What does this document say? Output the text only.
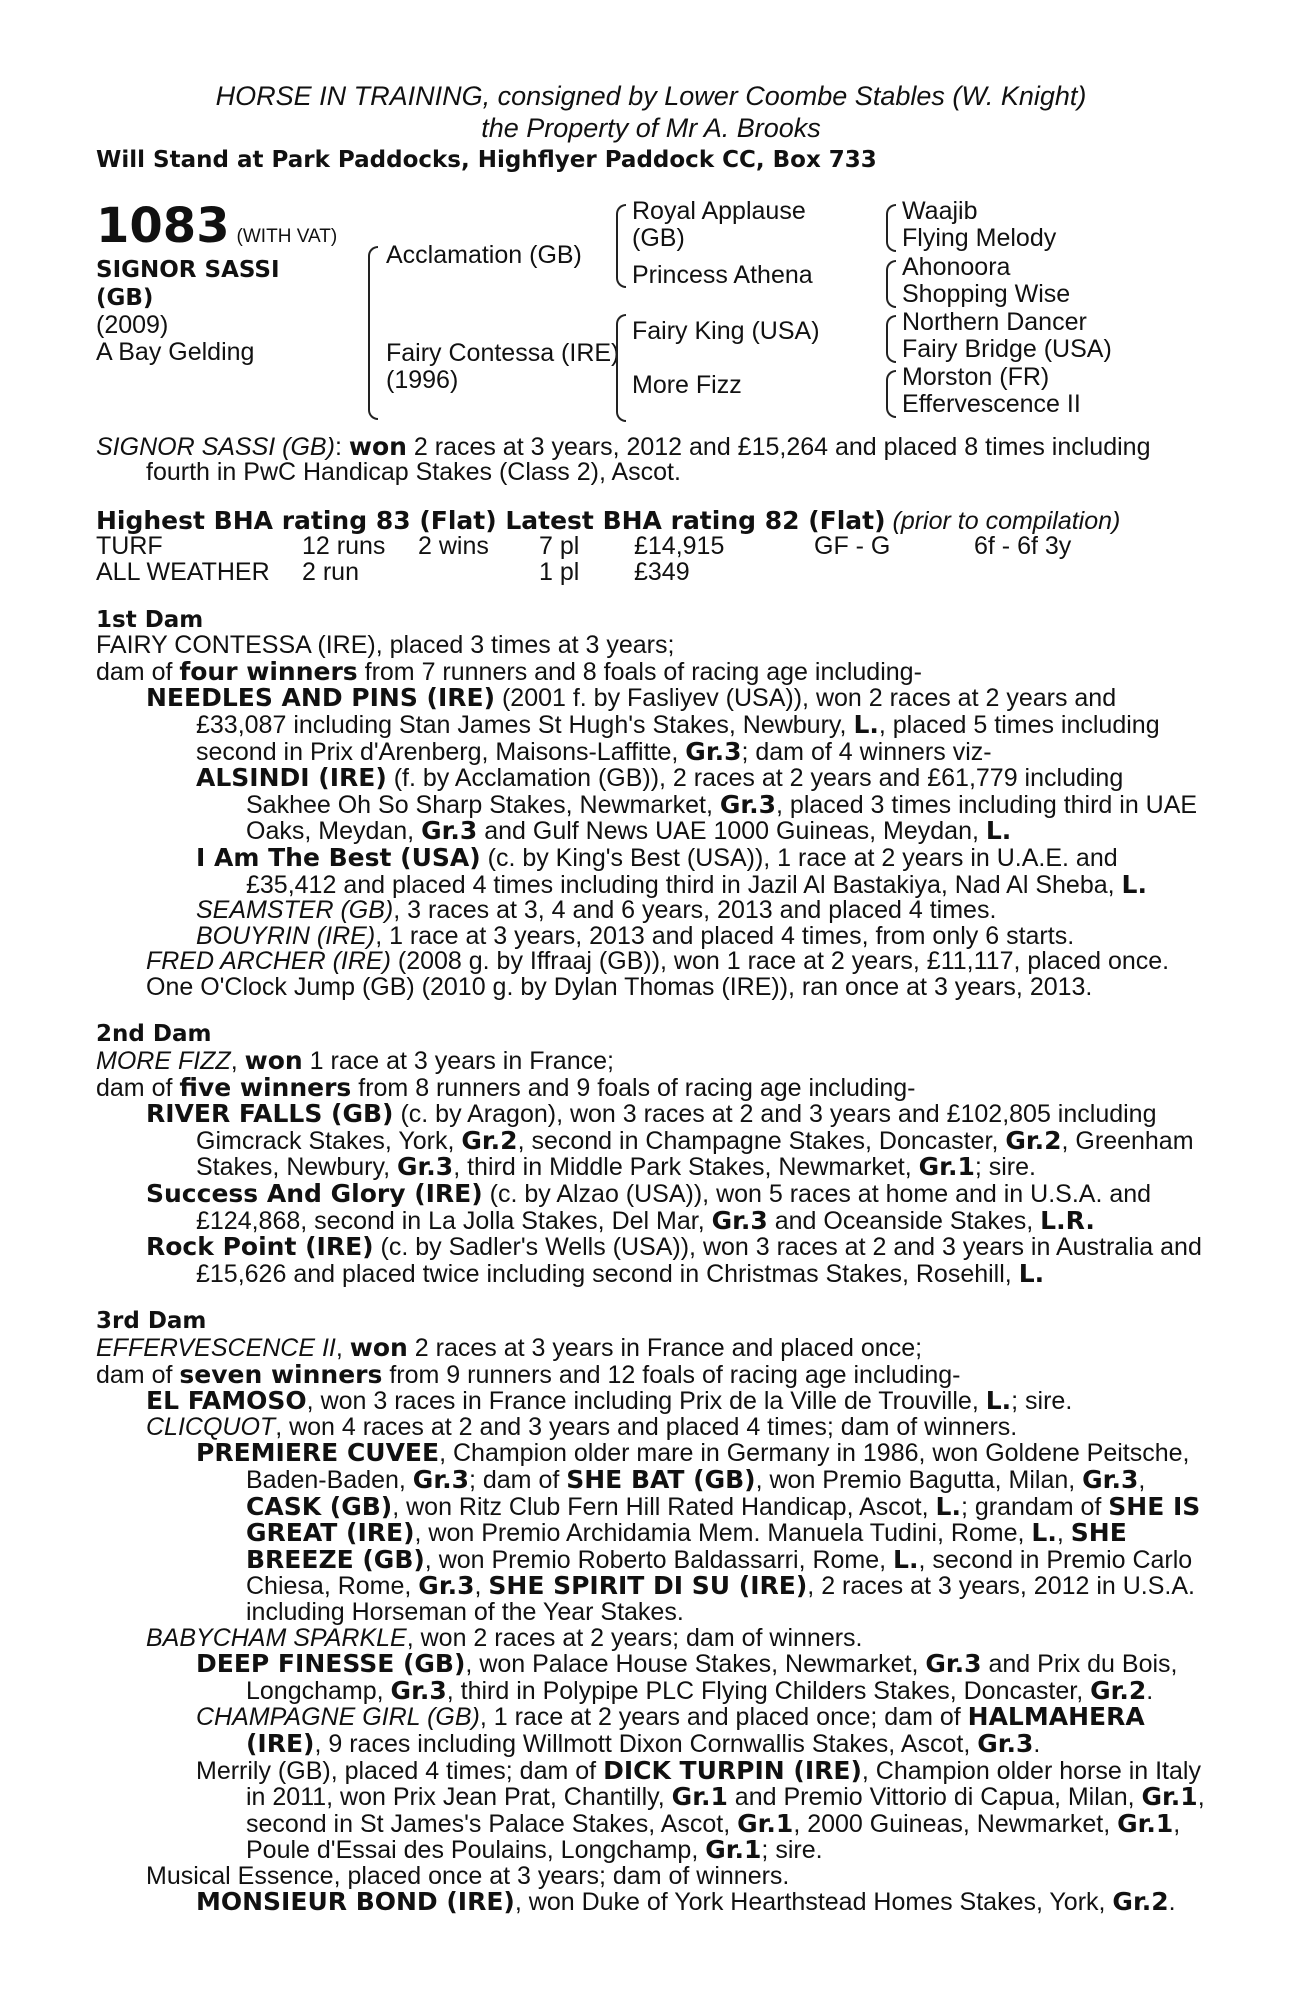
HORSE IN TRAINING, consigned by Lower Coombe Stables (W. Knight)
the Property of Mr A. Brooks
Will Stand at Park Paddocks, Highflyer Paddock CC, Box 733
1083 (WITH VAT)
SIGNOR SASSI
(GB)
(2009)
A Bay Gelding
Acclamation (GB)
Fairy Contessa (IRE)
(1996)
Royal Applause
(GB)
Princess Athena
Fairy King (USA)
More Fizz
Waajib
Flying Melody
Ahonoora
Shopping Wise
Northern Dancer
Fairy Bridge (USA)
Morston (FR)
Effervescence II

SIGNOR SASSI (GB): won 2 races at 3 years, 2012 and £15,264 and placed 8 times including fourth in PwC Handicap Stakes (Class 2), Ascot.

Highest BHA rating 83 (Flat) Latest BHA rating 82 (Flat) (prior to compilation)

TURF	12 runs 2 wins 7 pl £14,915	GF - G	6f - 6f 3y
ALL WEATHER 2 run	1 pl £349

1st Dam

FAIRY CONTESSA (IRE), placed 3 times at 3 years;

dam of four winners from 7 runners and 8 foals of racing age including-

NEEDLES AND PINS (IRE) (2001 f. by Fasliyev (USA)), won 2 races at 2 years and £33,087 including Stan James St Hugh's Stakes, Newbury, L., placed 5 times including second in Prix d'Arenberg, Maisons-Laffitte, Gr.3; dam of 4 winners viz-

ALSINDI (IRE) (f. by Acclamation (GB)), 2 races at 2 years and £61,779 including Sakhee Oh So Sharp Stakes, Newmarket, Gr.3, placed 3 times including third in UAE Oaks, Meydan, Gr.3 and Gulf News UAE 1000 Guineas, Meydan, L.

I Am The Best (USA) (c. by King's Best (USA)), 1 race at 2 years in U.A.E. and £35,412 and placed 4 times including third in Jazil Al Bastakiya, Nad Al Sheba, L.

SEAMSTER (GB), 3 races at 3, 4 and 6 years, 2013 and placed 4 times.

BOUYRIN (IRE), 1 race at 3 years, 2013 and placed 4 times, from only 6 starts.

FRED ARCHER (IRE) (2008 g. by Iffraaj (GB)), won 1 race at 2 years, £11,117, placed once.

One O'Clock Jump (GB) (2010 g. by Dylan Thomas (IRE)), ran once at 3 years, 2013.

2nd Dam

MORE FIZZ, won 1 race at 3 years in France;

dam of five winners from 8 runners and 9 foals of racing age including-

RIVER FALLS (GB) (c. by Aragon), won 3 races at 2 and 3 years and £102,805 including Gimcrack Stakes, York, Gr.2, second in Champagne Stakes, Doncaster, Gr.2, Greenham Stakes, Newbury, Gr.3, third in Middle Park Stakes, Newmarket, Gr.1; sire.

Success And Glory (IRE) (c. by Alzao (USA)), won 5 races at home and in U.S.A. and £124,868, second in La Jolla Stakes, Del Mar, Gr.3 and Oceanside Stakes, L.R.

Rock Point (IRE) (c. by Sadler's Wells (USA)), won 3 races at 2 and 3 years in Australia and £15,626 and placed twice including second in Christmas Stakes, Rosehill, L.

3rd Dam

EFFERVESCENCE II, won 2 races at 3 years in France and placed once;

dam of seven winners from 9 runners and 12 foals of racing age including-

EL FAMOSO, won 3 races in France including Prix de la Ville de Trouville, L.; sire.

CLICQUOT, won 4 races at 2 and 3 years and placed 4 times; dam of winners.

PREMIERE CUVEE, Champion older mare in Germany in 1986, won Goldene Peitsche, Baden-Baden, Gr.3; dam of SHE BAT (GB), won Premio Bagutta, Milan, Gr.3, CASK (GB), won Ritz Club Fern Hill Rated Handicap, Ascot, L.; grandam of SHE IS GREAT (IRE), won Premio Archidamia Mem. Manuela Tudini, Rome, L., SHE BREEZE (GB), won Premio Roberto Baldassarri, Rome, L., second in Premio Carlo Chiesa, Rome, Gr.3, SHE SPIRIT DI SU (IRE), 2 races at 3 years, 2012 in U.S.A. including Horseman of the Year Stakes.

BABYCHAM SPARKLE, won 2 races at 2 years; dam of winners.

DEEP FINESSE (GB), won Palace House Stakes, Newmarket, Gr.3 and Prix du Bois, Longchamp, Gr.3, third in Polypipe PLC Flying Childers Stakes, Doncaster, Gr.2.

CHAMPAGNE GIRL (GB), 1 race at 2 years and placed once; dam of HALMAHERA (IRE), 9 races including Willmott Dixon Cornwallis Stakes, Ascot, Gr.3.

Merrily (GB), placed 4 times; dam of DICK TURPIN (IRE), Champion older horse in Italy in 2011, won Prix Jean Prat, Chantilly, Gr.1 and Premio Vittorio di Capua, Milan, Gr.1, second in St James's Palace Stakes, Ascot, Gr.1, 2000 Guineas, Newmarket, Gr.1, Poule d'Essai des Poulains, Longchamp, Gr.1; sire.

Musical Essence, placed once at 3 years; dam of winners.

MONSIEUR BOND (IRE), won Duke of York Hearthstead Homes Stakes, York, Gr.2.
